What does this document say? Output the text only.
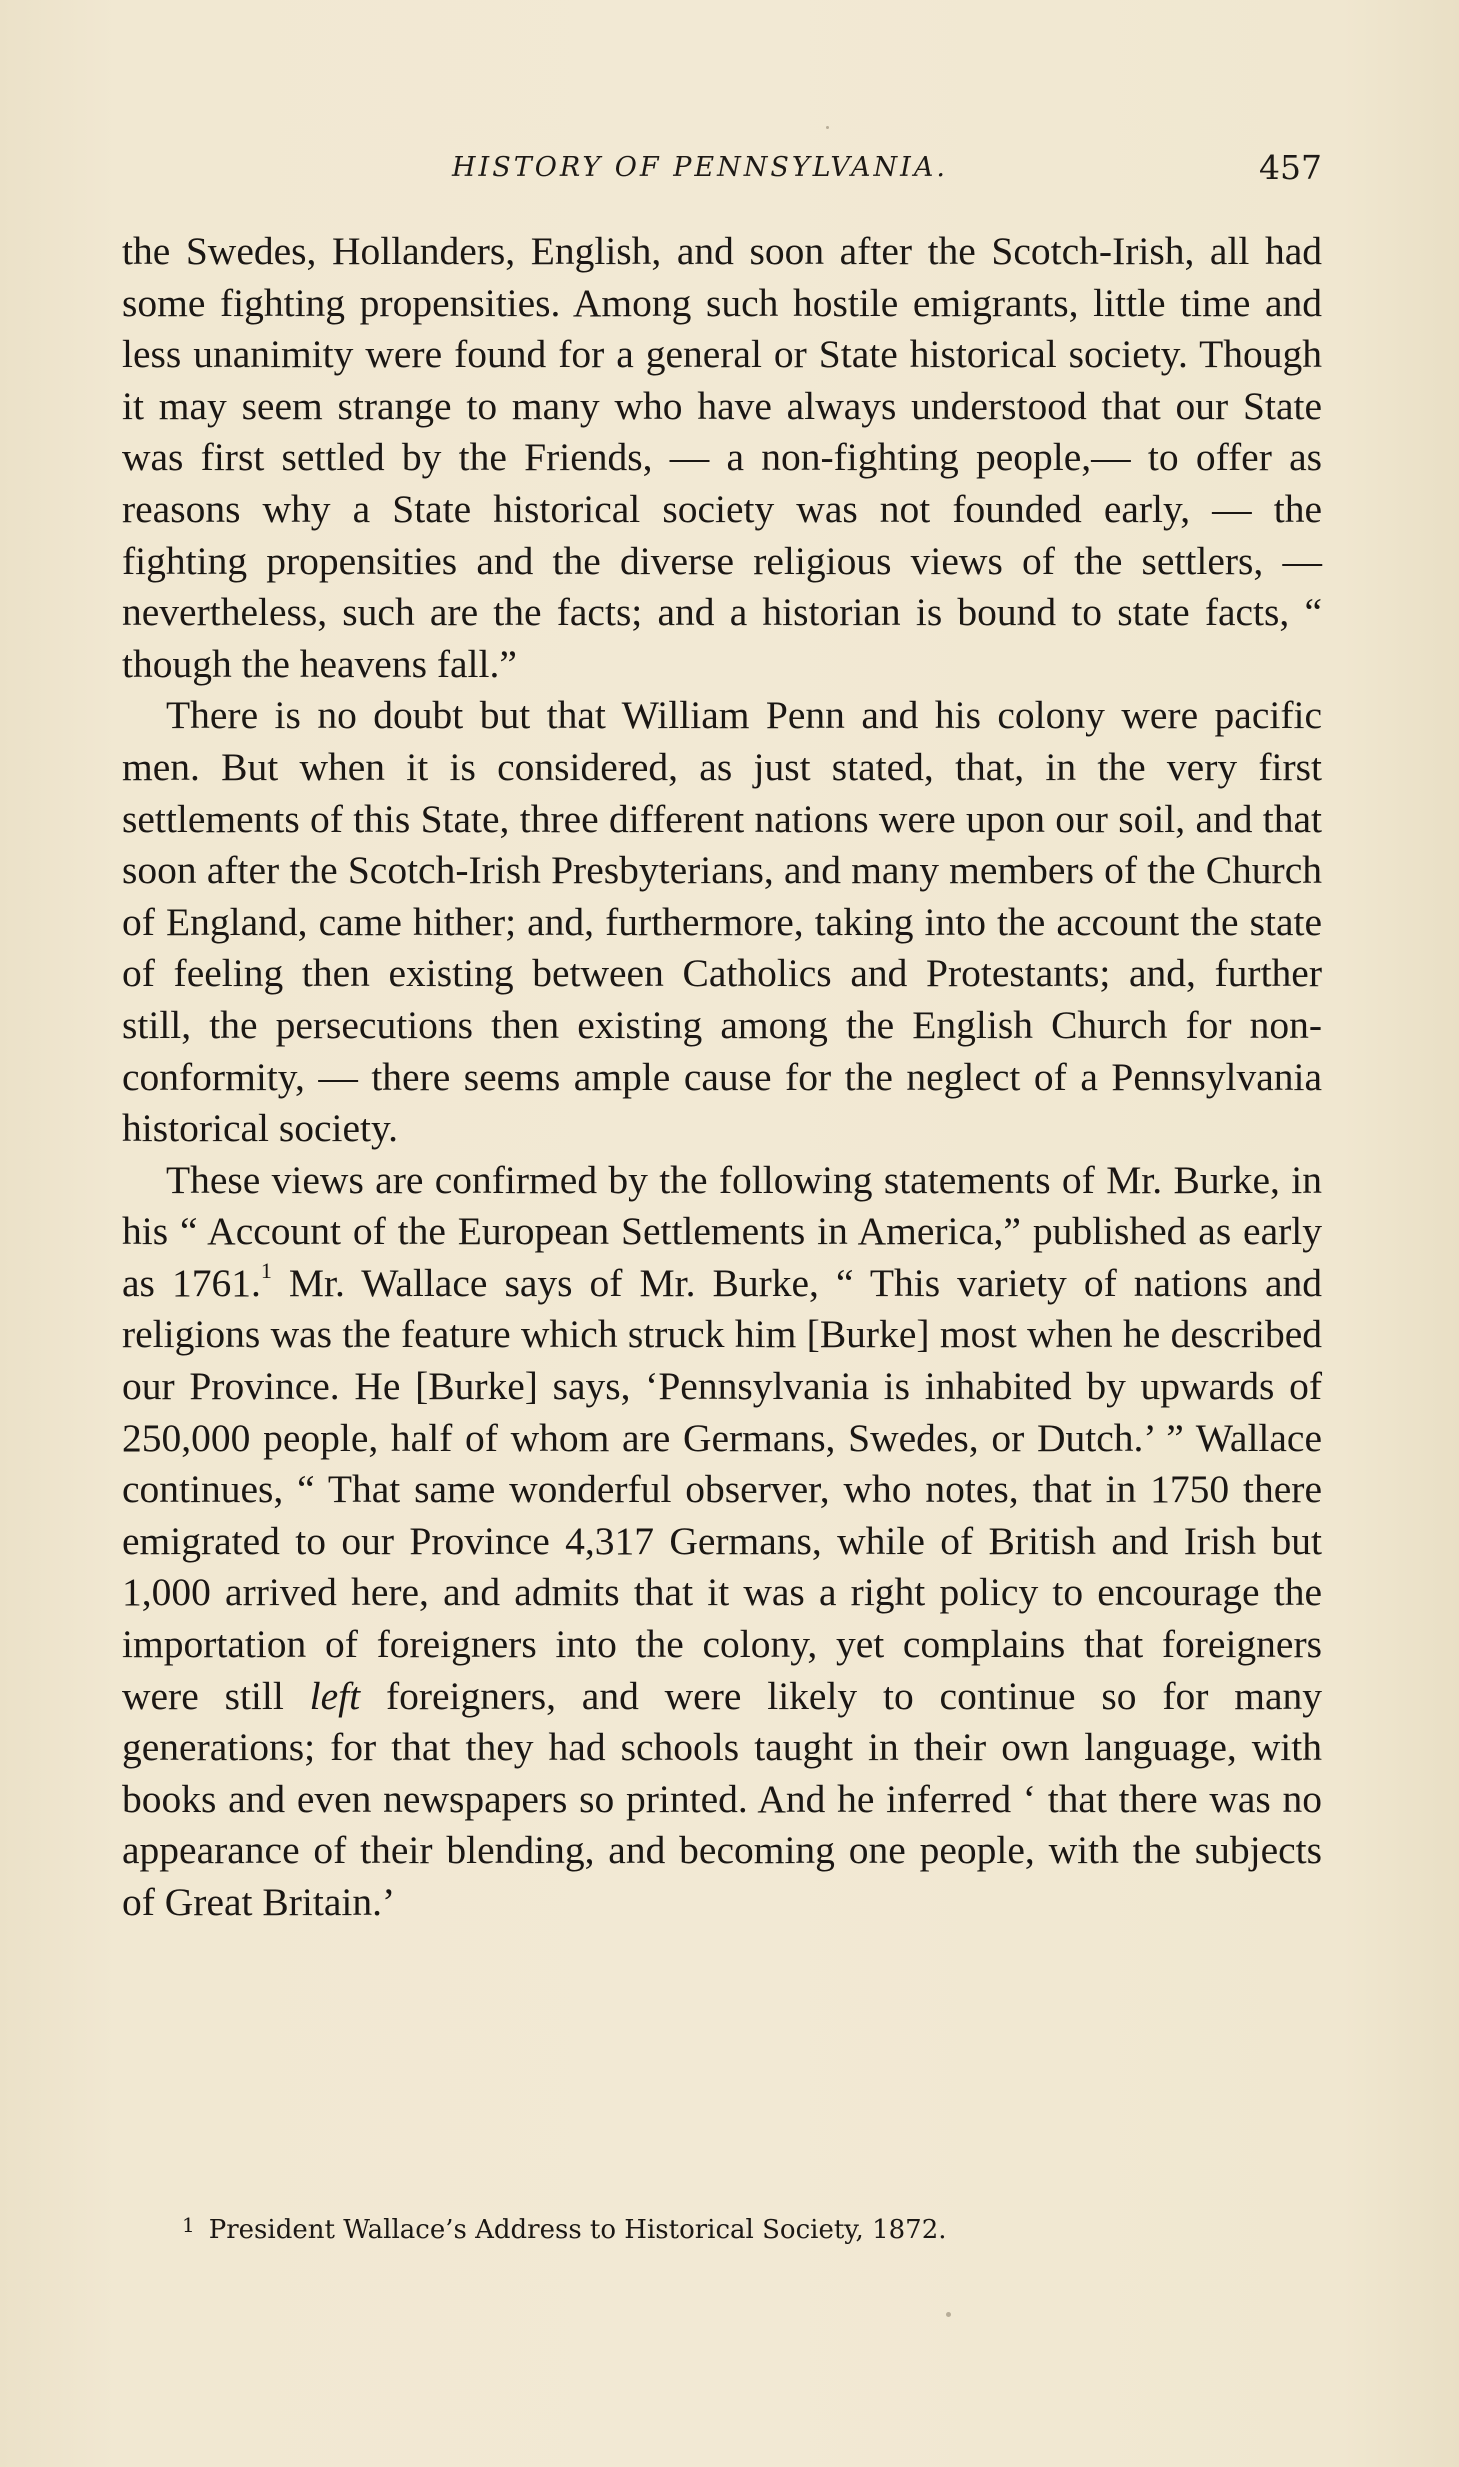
HISTORY OF PENNSYLVANIA.	457

the Swedes, Hollanders, English, and soon after the Scotch-Irish, all had some fighting propensities. Among such hostile emigrants, little time and less unanimity were found for a general or State historical society. Though it may seem strange to many who have always understood that our State was first settled by the Friends, — a non-fighting people,— to offer as reasons why a State historical society was not founded early, — the fighting propensities and the diverse religious views of the settlers, — nevertheless, such are the facts; and a historian is bound to state facts, “ though the heavens fall.”

There is no doubt but that William Penn and his colony were pacific men. But when it is considered, as just stated, that, in the very first settlements of this State, three different nations were upon our soil, and that soon after the Scotch-Irish Presbyterians, and many members of the Church of England, came hither; and, furthermore, taking into the account the state of feeling then existing between Catholics and Protestants; and, further still, the persecutions then existing among the English Church for non-conformity, — there seems ample cause for the neglect of a Pennsylvania historical society.

These views are confirmed by the following statements of Mr. Burke, in his “ Account of the European Settlements in America,” published as early as 1761.$^1$ Mr. Wallace says of Mr. Burke, “ This variety of nations and religions was the feature which struck him [Burke] most when he described our Province. He [Burke] says, ‘Pennsylvania is inhabited by upwards of 250,000 people, half of whom are Germans, Swedes, or Dutch.’ ” Wallace continues, “ That same wonderful observer, who notes, that in 1750 there emigrated to our Province 4,317 Germans, while of British and Irish but 1,000 arrived here, and admits that it was a right policy to encourage the importation of foreigners into the colony, yet complains that foreigners were still left foreigners, and were likely to continue so for many generations; for that they had schools taught in their own language, with books and even newspapers so printed. And he inferred ‘ that there was no appearance of their blending, and becoming one people, with the subjects of Great Britain.’

$^1$ President Wallace’s Address to Historical Society, 1872.
